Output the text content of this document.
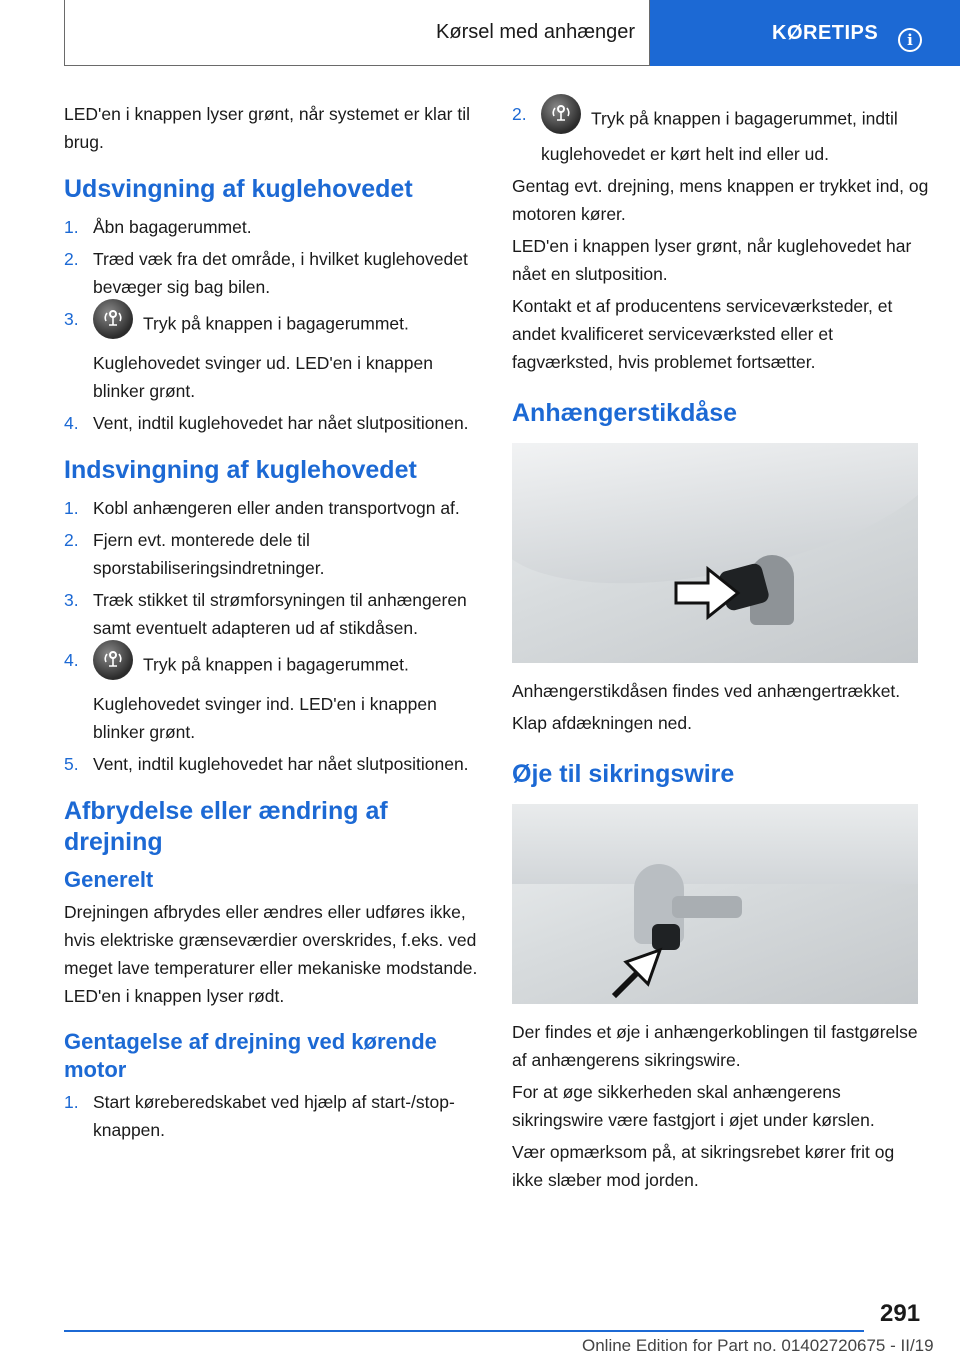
Kørsel med anhænger	KØRETIPS	i

LED'en i knappen lyser grønt, når systemet er klar til brug.

Udsvingning af kuglehovedet
1. Åbn bagagerummet.
2. Træd væk fra det område, i hvilket kuglehovedet bevæger sig bag bilen.
3.	Tryk på knappen i bagagerummet.

Kuglehovedet svinger ud. LED'en i knappen blinker grønt.

4. Vent, indtil kuglehovedet har nået slutpositionen.
Indsvingning af kuglehovedet
1. Kobl anhængeren eller anden transportvogn af.
2. Fjern evt. monterede dele til sporstabiliseringsindretninger.
3. Træk stikket til strømforsyningen til anhængeren samt eventuelt adapteren ud af stikdåsen.
4.	Tryk på knappen i bagagerummet.

Kuglehovedet svinger ind. LED'en i knappen blinker grønt.

5. Vent, indtil kuglehovedet har nået slutpositionen.
Afbrydelse eller ændring af drejning
Generelt

Drejningen afbrydes eller ændres eller udføres ikke, hvis elektriske grænseværdier overskrides, f.eks. ved meget lave temperaturer eller mekaniske modstande. LED'en i knappen lyser rødt.

Gentagelse af drejning ved kørende motor
1. Start køreberedskabet ved hjælp af start-/stop-knappen.
2.	Tryk på knappen i bagagerummet, indtil kuglehovedet er kørt helt ind eller ud.

Gentag evt. drejning, mens knappen er trykket ind, og motoren kører.

LED'en i knappen lyser grønt, når kuglehovedet har nået en slutposition.

Kontakt et af producentens serviceværksteder, et andet kvalificeret serviceværksted eller et fagværksted, hvis problemet fortsætter.

Anhængerstikdåse

Anhængerstikdåsen findes ved anhængertrækket.

Klap afdækningen ned.

Øje til sikringswire

Der findes et øje i anhængerkoblingen til fastgørelse af anhængerens sikringswire.

For at øge sikkerheden skal anhængerens sikringswire være fastgjort i øjet under kørslen.

Vær opmærksom på, at sikringsrebet kører frit og ikke slæber mod jorden.

291
Online Edition for Part no. 01402720675 - II/19
